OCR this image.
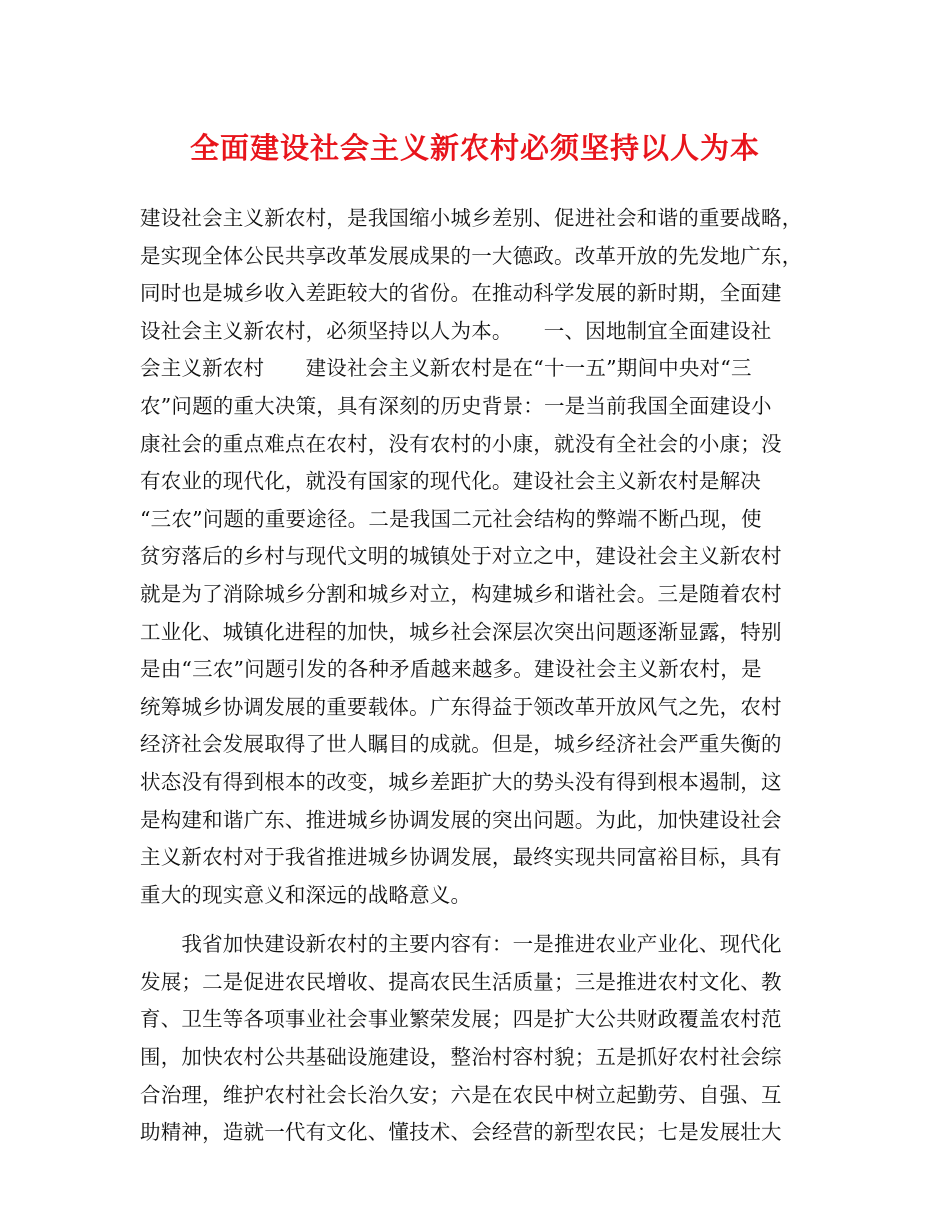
全面建设社会主义新农村必须坚持以人为本
建设社会主义新农村，是我国缩小城乡差别、促进社会和谐的重要战略，
是实现全体公民共享改革发展成果的一大德政。改革开放的先发地广东，
同时也是城乡收入差距较大的省份。在推动科学发展的新时期，全面建
设社会主义新农村，必须坚持以人为本。　　一、因地制宜全面建设社
会主义新农村　　建设社会主义新农村是在“十一五”期间中央对“三
农”问题的重大决策，具有深刻的历史背景：一是当前我国全面建设小
康社会的重点难点在农村，没有农村的小康，就没有全社会的小康；没
有农业的现代化，就没有国家的现代化。建设社会主义新农村是解决
“三农”问题的重要途径。二是我国二元社会结构的弊端不断凸现，使
贫穷落后的乡村与现代文明的城镇处于对立之中，建设社会主义新农村
就是为了消除城乡分割和城乡对立，构建城乡和谐社会。三是随着农村
工业化、城镇化进程的加快，城乡社会深层次突出问题逐渐显露，特别
是由“三农”问题引发的各种矛盾越来越多。建设社会主义新农村，是
统筹城乡协调发展的重要载体。广东得益于领改革开放风气之先，农村
经济社会发展取得了世人瞩目的成就。但是，城乡经济社会严重失衡的
状态没有得到根本的改变，城乡差距扩大的势头没有得到根本遏制，这
是构建和谐广东、推进城乡协调发展的突出问题。为此，加快建设社会
主义新农村对于我省推进城乡协调发展，最终实现共同富裕目标，具有
重大的现实意义和深远的战略意义。
　　我省加快建设新农村的主要内容有：一是推进农业产业化、现代化
发展；二是促进农民增收、提高农民生活质量；三是推进农村文化、教
育、卫生等各项事业社会事业繁荣发展；四是扩大公共财政覆盖农村范
围，加快农村公共基础设施建设，整治村容村貌；五是抓好农村社会综
合治理，维护农村社会长治久安；六是在农民中树立起勤劳、自强、互
助精神，造就一代有文化、懂技术、会经营的新型农民；七是发展壮大
